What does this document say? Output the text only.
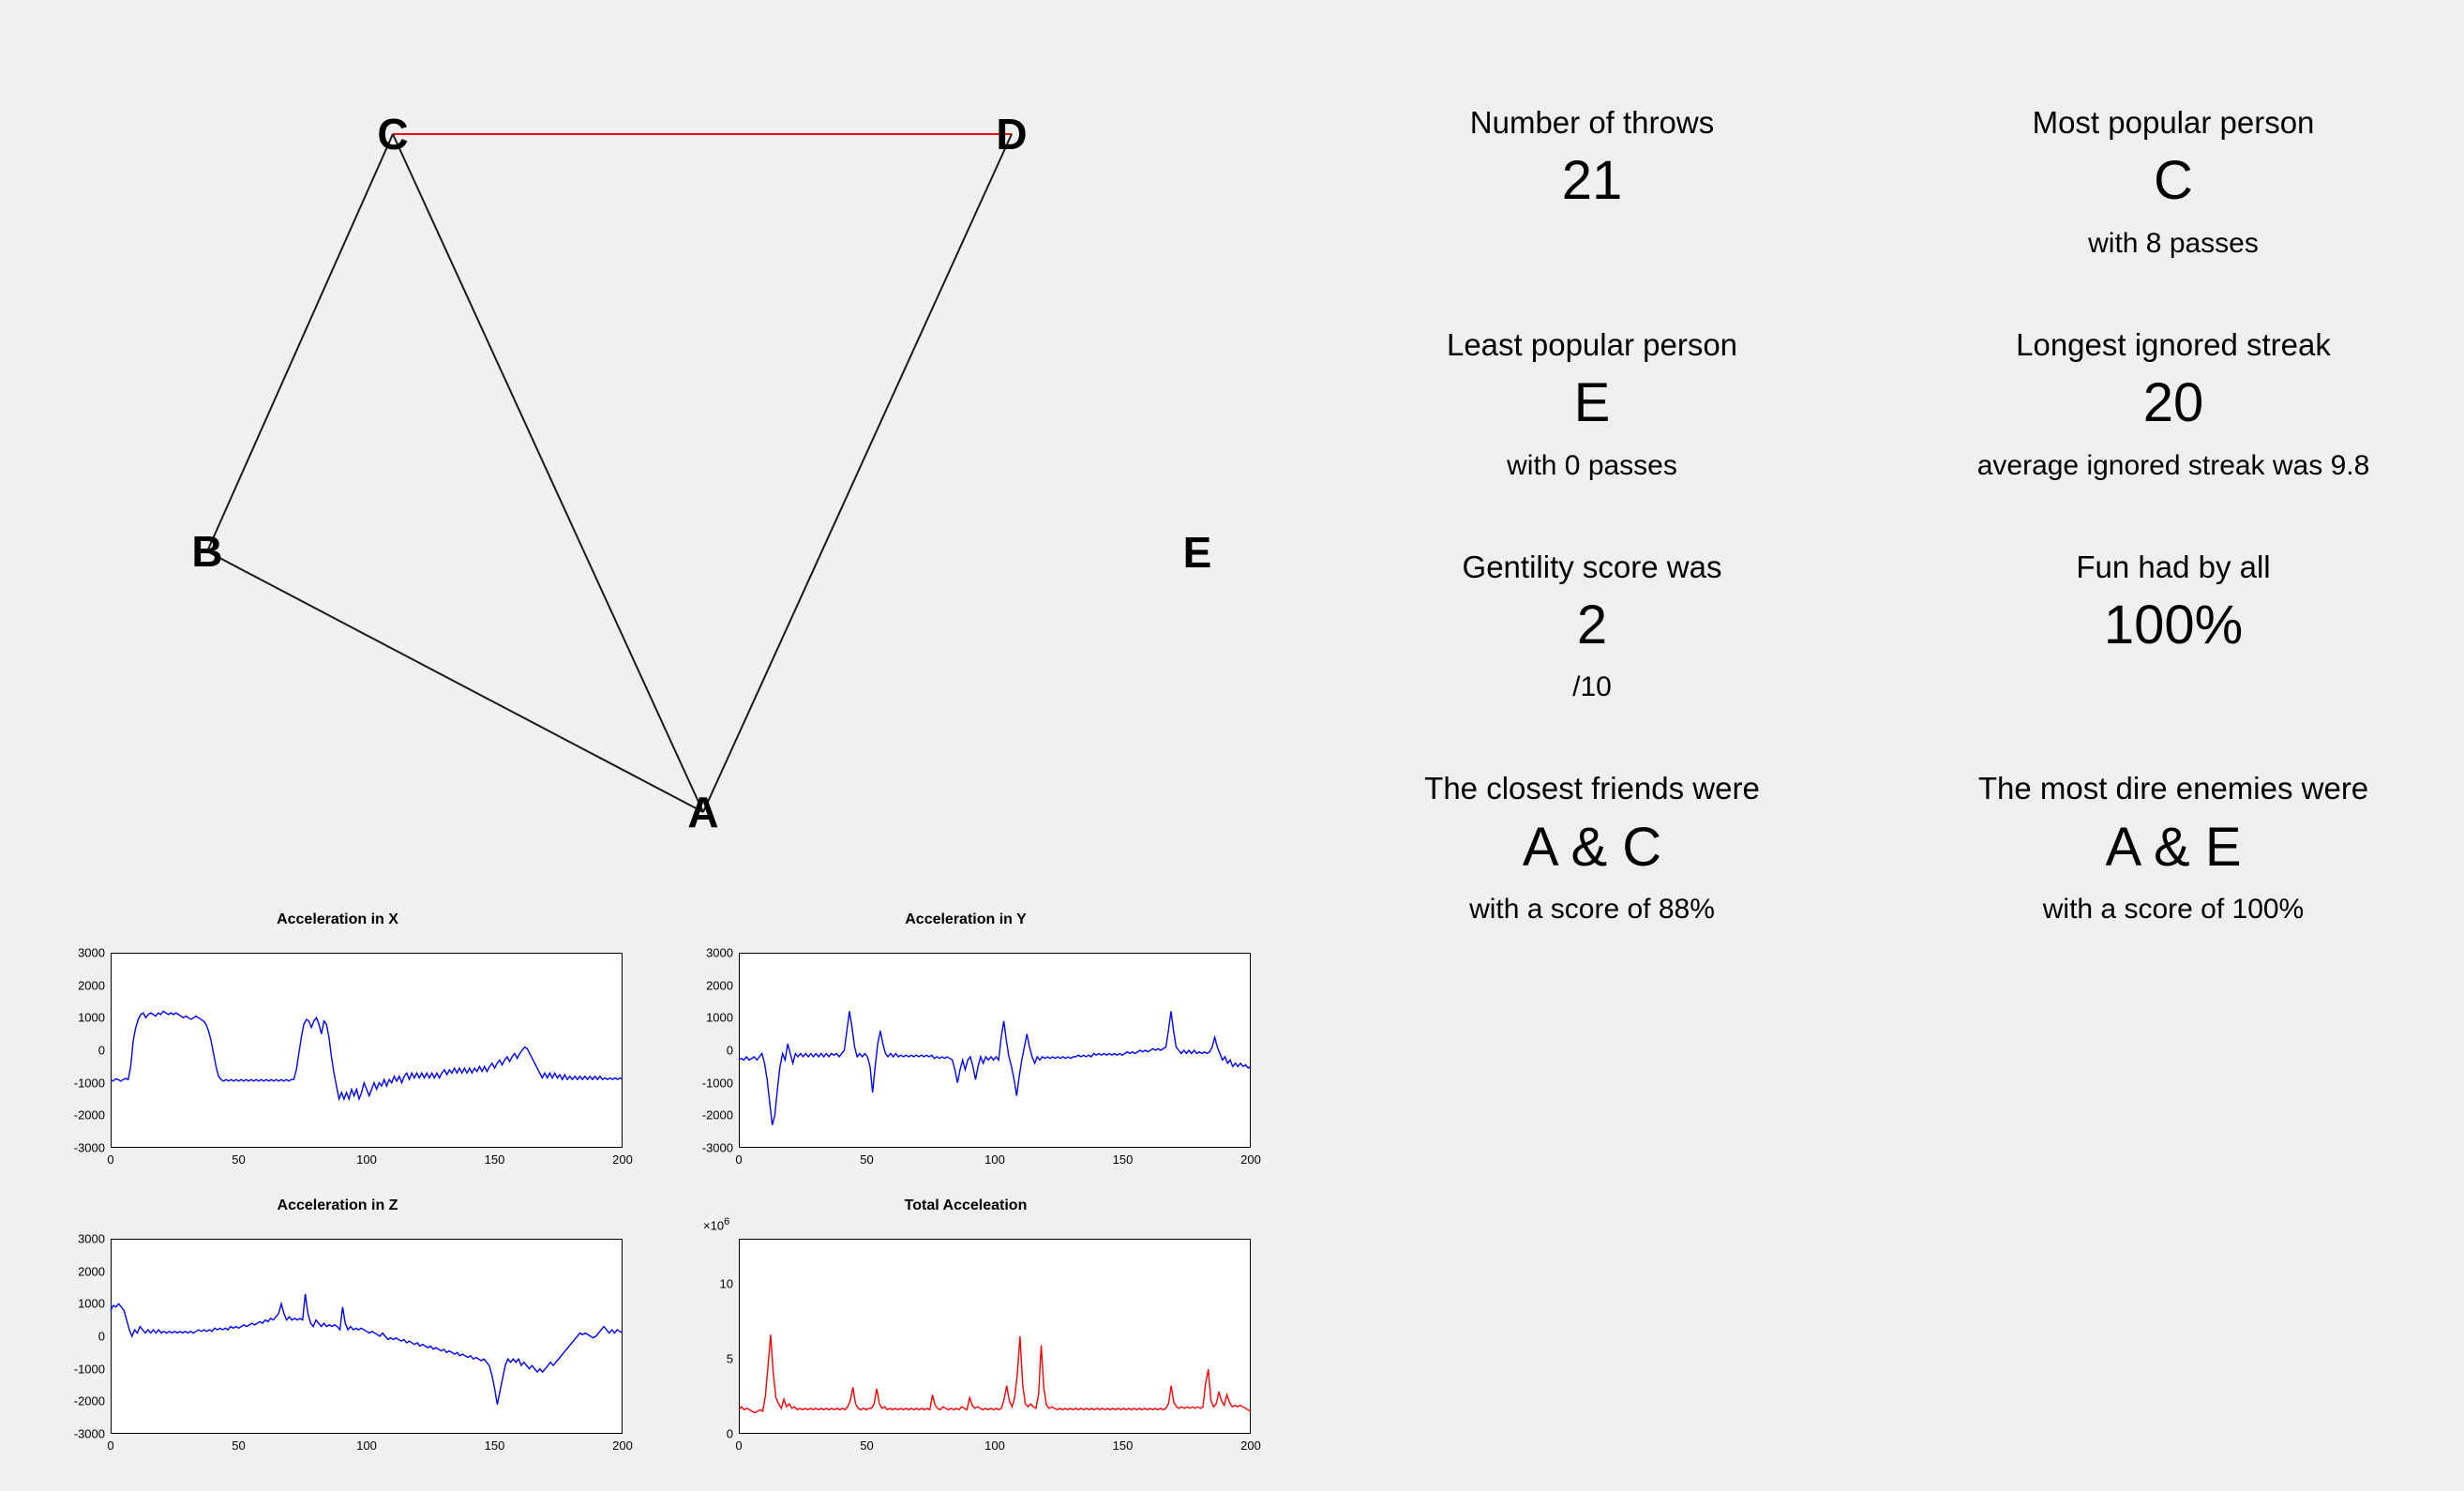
A
B
C	D
E
Acceleration in X
-3000
-2000
-1000
0
1000
2000
3000
0	50	100	150	200
Acceleration in Y
-3000
-2000
-1000
0
1000
2000
3000
0	50	100	150	200
Acceleration in Z
-3000
-2000
-1000
0
1000
2000
3000
0	50	100	150	200
Total Acceleation
$\times 10^6$
0
5
10
0	50	100	150	200
Number of throws
21
Most popular person
C
with 8 passes
Least popular person
E
with 0 passes
Longest ignored streak
20
average ignored streak was 9.8
Gentility score was
2
/10
Fun had by all
100%
The closest friends were
A & C
with a score of 88%
The most dire enemies were
A & E
with a score of 100%
